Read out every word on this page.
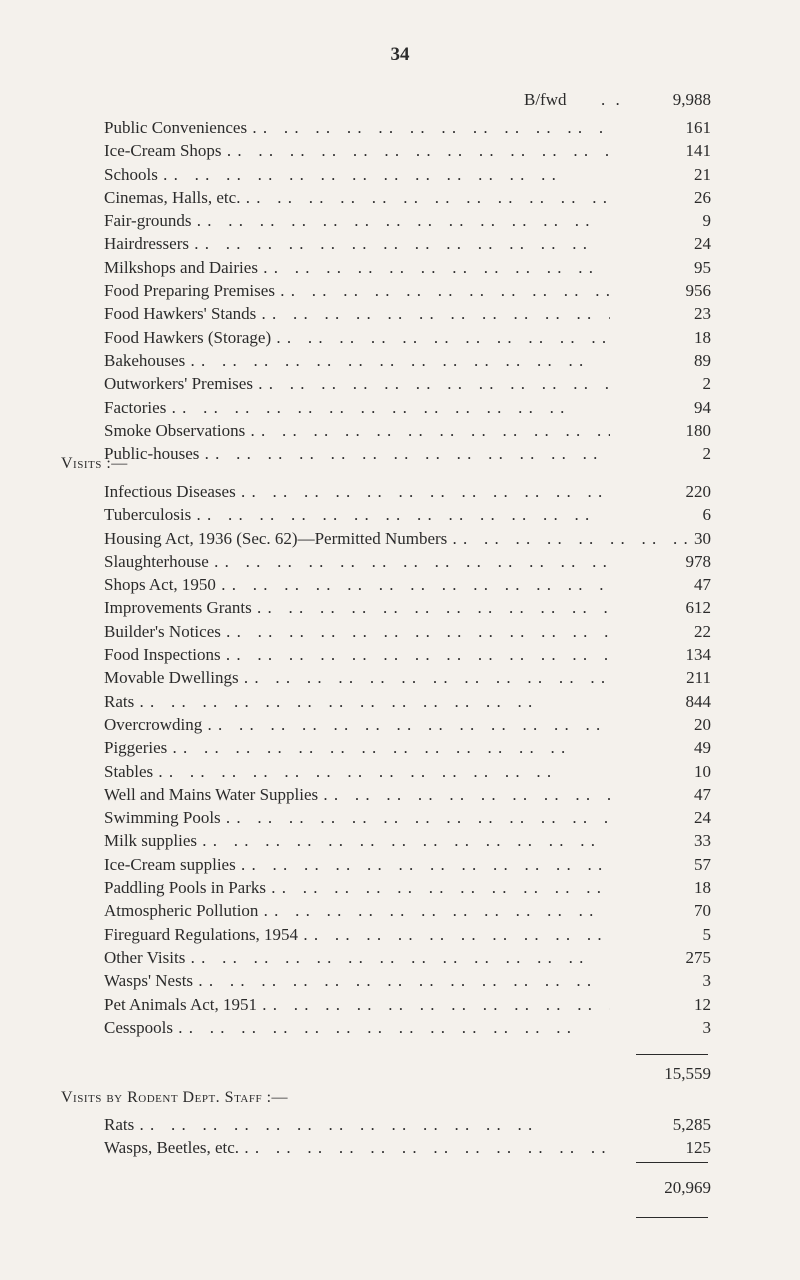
34
B/fwd . .	9,988
Public Conveniences . .	161
Ice-Cream Shops . .	141
Schools . .	21
Cinemas, Halls, etc. . .	26
Fair-grounds . .	9
Hairdressers . .	24
Milkshops and Dairies . .	95
Food Preparing Premises . .	956
Food Hawkers' Stands . .	23
Food Hawkers (Storage) . .	18
Bakehouses . .	89
Outworkers' Premises . .	2
Factories . .	94
Smoke Observations . .	180
Public-houses . .	2
Visits :—
Infectious Diseases . .	220
Tuberculosis . .	6
Housing Act, 1936 (Sec. 62)—Permitted Numbers . .	30
Slaughterhouse . .	978
Shops Act, 1950 . .	47
Improvements Grants . .	612
Builder's Notices . .	22
Food Inspections . .	134
Movable Dwellings . .	211
Rats . .	844
Overcrowding . .	20
Piggeries . .	49
Stables . .	10
Well and Mains Water Supplies . .	47
Swimming Pools . .	24
Milk supplies . .	33
Ice-Cream supplies . .	57
Paddling Pools in Parks . .	18
Atmospheric Pollution . .	70
Fireguard Regulations, 1954 . .	5
Other Visits . .	275
Wasps' Nests . .	3
Pet Animals Act, 1951 . .	12
Cesspools . .	3
15,559
Visits by Rodent Dept. Staff :—
Rats . .	5,285
Wasps, Beetles, etc. . .	125
20,969
